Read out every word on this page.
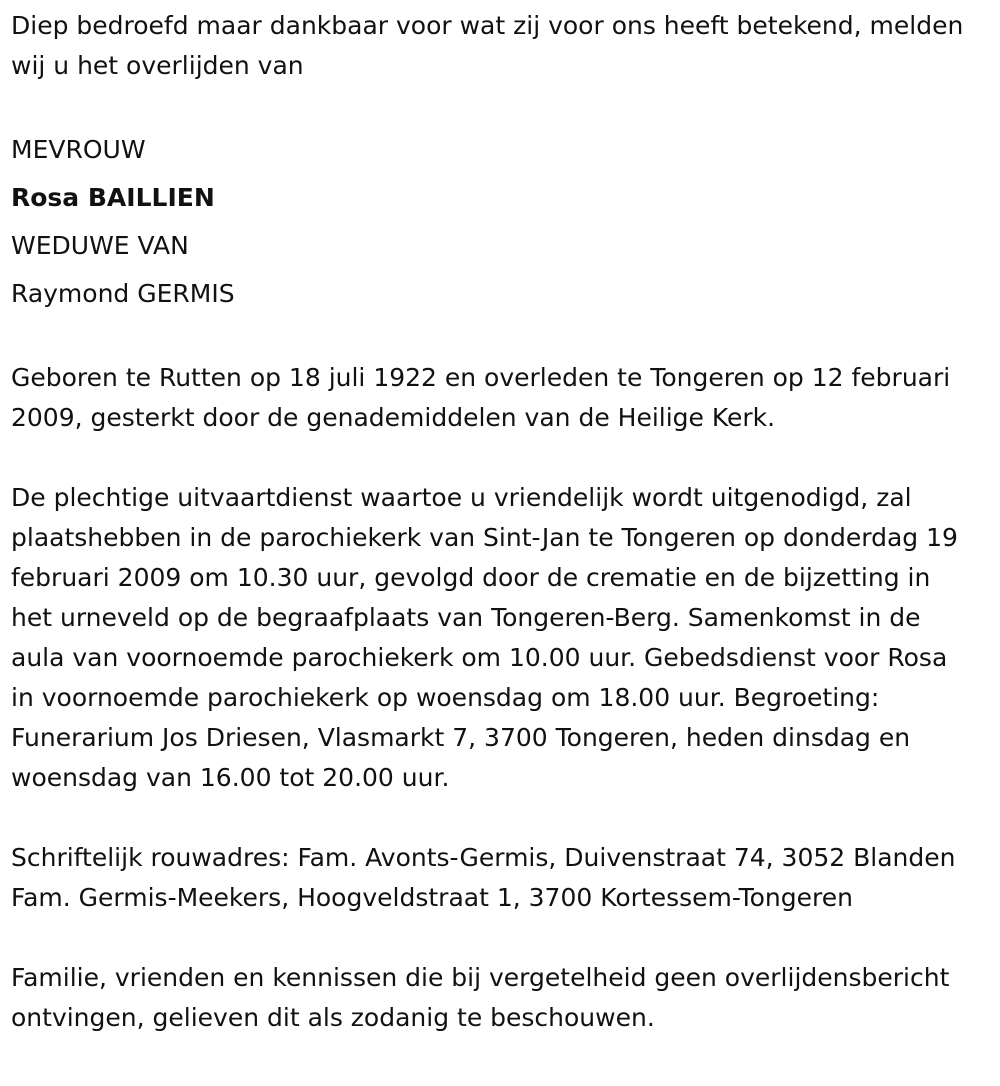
Diep bedroefd maar dankbaar voor wat zij voor ons heeft betekend, melden wij u het overlijden van

MEVROUW

Rosa BAILLIEN

WEDUWE VAN

Raymond GERMIS

Geboren te Rutten op 18 juli 1922 en overleden te Tongeren op 12 februari 2009, gesterkt door de genademiddelen van de Heilige Kerk.

De plechtige uitvaartdienst waartoe u vriendelijk wordt uitgenodigd, zal plaatshebben in de parochiekerk van Sint-Jan te Tongeren op donderdag 19 februari 2009 om 10.30 uur, gevolgd door de crematie en de bijzetting in het urneveld op de begraafplaats van Tongeren-Berg. Samenkomst in de aula van voornoemde parochiekerk om 10.00 uur. Gebedsdienst voor Rosa in voornoemde parochiekerk op woensdag om 18.00 uur. Begroeting: Funerarium Jos Driesen, Vlasmarkt 7, 3700 Tongeren, heden dinsdag en woensdag van 16.00 tot 20.00 uur.

Schriftelijk rouwadres: Fam. Avonts-Germis, Duivenstraat 74, 3052 Blanden Fam. Germis-Meekers, Hoogveldstraat 1, 3700 Kortessem-Tongeren

Familie, vrienden en kennissen die bij vergetelheid geen overlijdensbericht ontvingen, gelieven dit als zodanig te beschouwen.
